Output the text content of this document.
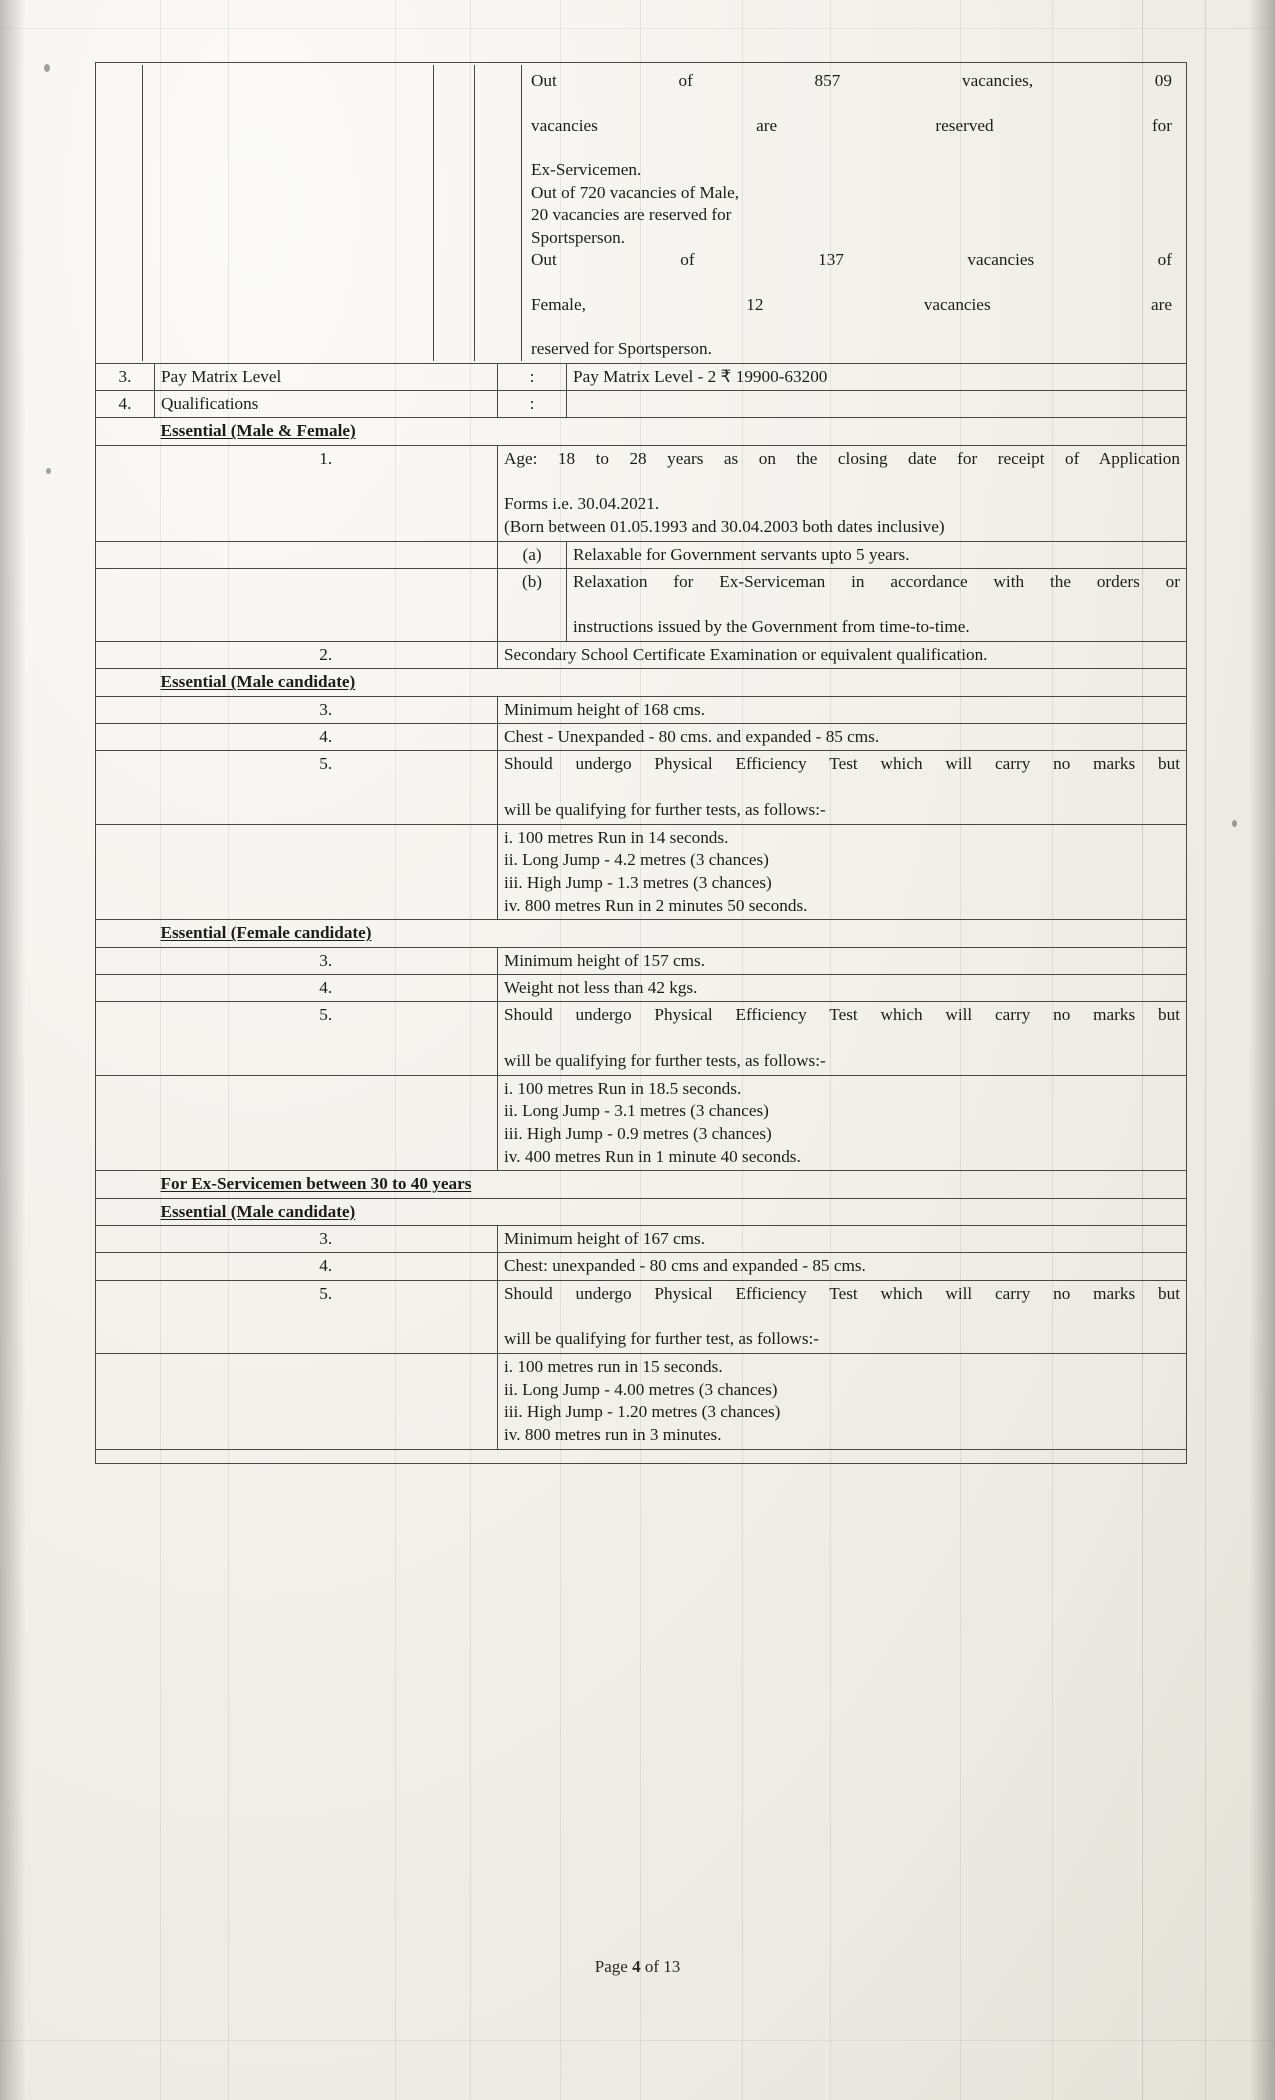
Out of 857 vacancies, 09
vacancies are reserved for
Ex-Servicemen.
Out of 720 vacancies of Male,
20 vacancies are reserved for
Sportsperson.
Out of 137 vacancies of
Female, 12 vacancies are
reserved for Sportsperson.

3.	Pay Matrix Level	:	Pay Matrix Level - 2 ₹ 19900-63200
4.	Qualifications	:	
	Essential (Male & Female)		
	1.	Age: 18 to 28 years as on the closing date for receipt of Application
Forms i.e. 30.04.2021.
(Born between 01.05.1993 and 30.04.2003 both dates inclusive)	

		(a)	Relaxable for Government servants upto 5 years.
		(b)	Relaxation for Ex-Serviceman in accordance with the orders or
instructions issued by the Government from time-to-time.

	2.	Secondary School Certificate Examination or equivalent qualification.	
	Essential (Male candidate)		
	3.	Minimum height of 168 cms.	
	4.	Chest - Unexpanded - 80 cms. and expanded - 85 cms.	
	5.	Should undergo Physical Efficiency Test which will carry no marks but
will be qualifying for further tests, as follows:-	

		i. 100 metres Run in 14 seconds.
ii. Long Jump - 4.2 metres (3 chances)
iii. High Jump - 1.3 metres (3 chances)
iv. 800 metres Run in 2 minutes 50 seconds.	

	Essential (Female candidate)		
	3.	Minimum height of 157 cms.	
	4.	Weight not less than 42 kgs.	
	5.	Should undergo Physical Efficiency Test which will carry no marks but
will be qualifying for further tests, as follows:-	

		i. 100 metres Run in 18.5 seconds.
ii. Long Jump - 3.1 metres (3 chances)
iii. High Jump - 0.9 metres (3 chances)
iv. 400 metres Run in 1 minute 40 seconds.	

	For Ex-Servicemen between 30 to 40 years		
	Essential (Male candidate)		
	3.	Minimum height of 167 cms.	
	4.	Chest: unexpanded - 80 cms and expanded - 85 cms.	
	5.	Should undergo Physical Efficiency Test which will carry no marks but
will be qualifying for further test, as follows:-	

		i. 100 metres run in 15 seconds.
ii. Long Jump - 4.00 metres (3 chances)
iii. High Jump - 1.20 metres (3 chances)
iv. 800 metres run in 3 minutes.	

Page 4 of 13
